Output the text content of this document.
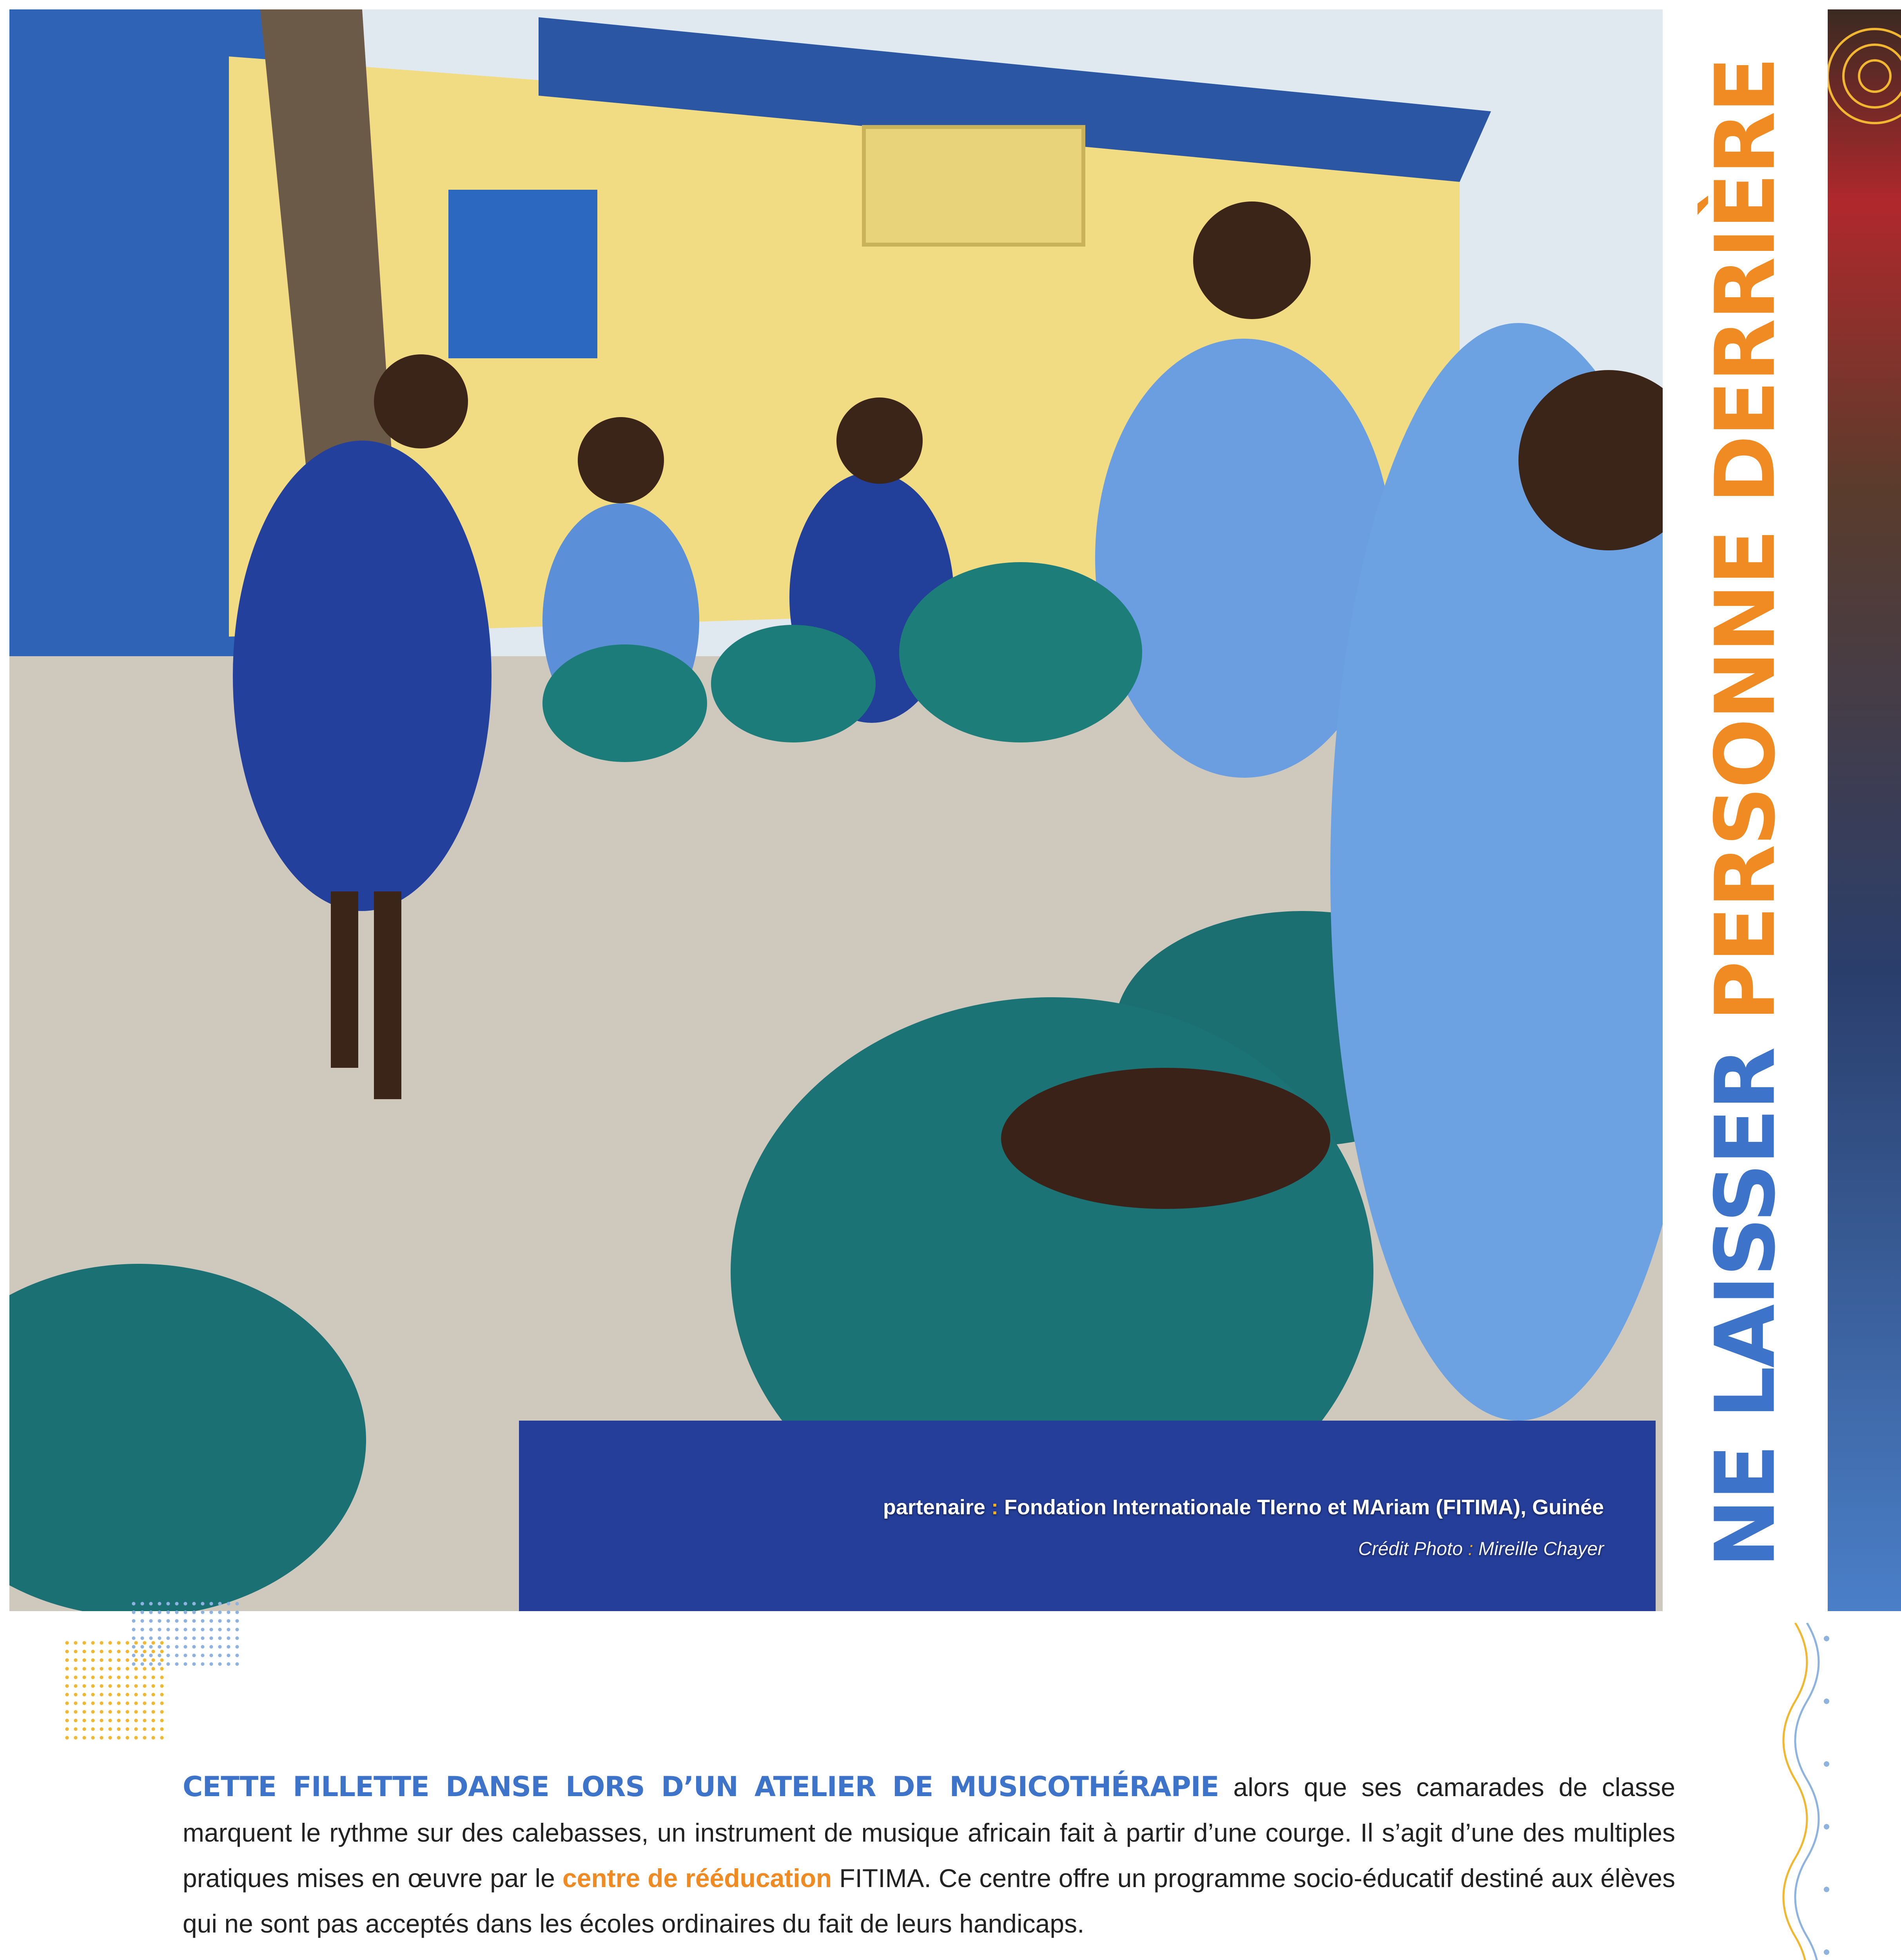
partenaire : Fondation Internationale TIerno et MAriam (FITIMA), Guinée
Crédit Photo : Mireille Chayer NE LAISSER PERSONNE DERRIÈRE
CETTE FILLETTE DANSE LORS D’UN ATELIER DE MUSICOTHÉRAPIE alors que ses camarades de classe marquent le rythme sur des calebasses, un instrument de musique africain fait à partir d’une courge. Il s’agit d’une des multiples pratiques mises en œuvre par le centre de rééducation FITIMA. Ce centre offre un programme socio-éducatif destiné aux élèves qui ne sont pas acceptés dans les écoles ordinaires du fait de leurs handicaps.
